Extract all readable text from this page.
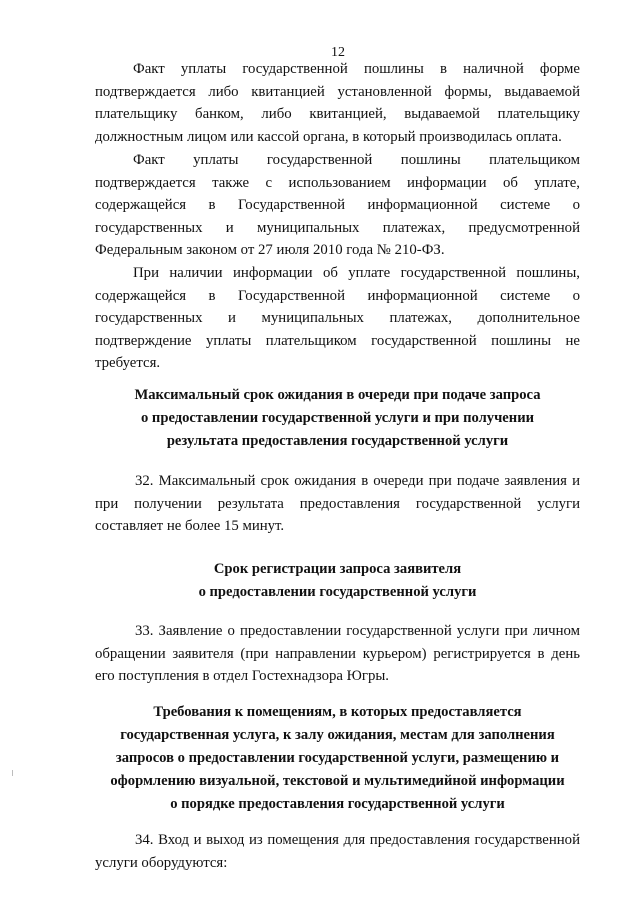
12

Факт уплаты государственной пошлины в наличной форме подтверждается либо квитанцией установленной формы, выдаваемой плательщику банком, либо квитанцией, выдаваемой плательщику должностным лицом или кассой органа, в который производилась оплата.

Факт уплаты государственной пошлины плательщиком подтверждается также с использованием информации об уплате, содержащейся в Государственной информационной системе о государственных и муниципальных платежах, предусмотренной Федеральным законом от 27 июля 2010 года № 210-ФЗ.

При наличии информации об уплате государственной пошлины, содержащейся в Государственной информационной системе о государственных и муниципальных платежах, дополнительное подтверждение уплаты плательщиком государственной пошлины не требуется.

Максимальный срок ожидания в очереди при подаче запроса
о предоставлении государственной услуги и при получении
результата предоставления государственной услуги

32. Максимальный срок ожидания в очереди при подаче заявления и при получении результата предоставления государственной услуги составляет не более 15 минут.

Срок регистрации запроса заявителя
о предоставлении государственной услуги

33. Заявление о предоставлении государственной услуги при личном обращении заявителя (при направлении курьером) регистрируется в день его поступления в отдел Гостехнадзора Югры.

Требования к помещениям, в которых предоставляется
государственная услуга, к залу ожидания, местам для заполнения
запросов о предоставлении государственной услуги, размещению и
оформлению визуальной, текстовой и мультимедийной информации
о порядке предоставления государственной услуги

34. Вход и выход из помещения для предоставления государственной услуги оборудуются:
